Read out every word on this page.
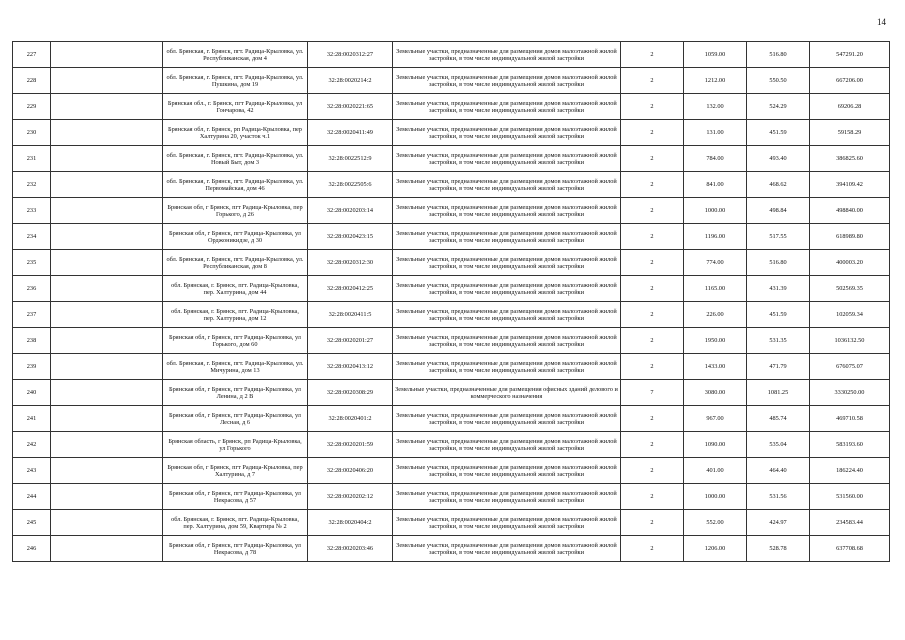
14
227		обл. Брянская, г. Брянск, пгт. Радица-Крыловка, ул. Республиканская, дом 4	32:28:0020312:27	Земельные участки, предназначенные для размещения домов малоэтажной жилой застройки, в том числе индивидуальной жилой застройки	2	1059.00	516.80	547291.20
228		обл. Брянская, г. Брянск, пгт. Радица-Крыловка, ул. Пушкина, дом 19	32:28:0020214:2	Земельные участки, предназначенные для размещения домов малоэтажной жилой застройки, в том числе индивидуальной жилой застройки	2	1212.00	550.50	667206.00
229		Брянская обл., г. Брянск, пгт Радица-Крыловка, ул Гончарова, 42	32:28:0020221:65	Земельные участки, предназначенные для размещения домов малоэтажной жилой застройки, в том числе индивидуальной жилой застройки	2	132.00	524.29	69206.28
230		Брянская обл, г. Брянск, рп Радица-Крыловка, пер Халтурина 20, участок ч.1	32:28:0020411:49	Земельные участки, предназначенные для размещения домов малоэтажной жилой застройки, в том числе индивидуальной жилой застройки	2	131.00	451.59	59158.29
231		обл. Брянская, г. Брянск, пгт. Радица-Крыловка, ул. Новый Быт, дом 3	32:28:0022512:9	Земельные участки, предназначенные для размещения домов малоэтажной жилой застройки, в том числе индивидуальной жилой застройки	2	784.00	493.40	386825.60
232		обл. Брянская, г. Брянск, пгт. Радица-Крыловка, ул. Первомайская, дом 46	32:28:0022505:6	Земельные участки, предназначенные для размещения домов малоэтажной жилой застройки, в том числе индивидуальной жилой застройки	2	841.00	468.62	394109.42
233		Брянская обл, г Брянск, пгт Радица-Крыловка, пер Горького, д 26	32:28:0020203:14	Земельные участки, предназначенные для размещения домов малоэтажной жилой застройки, в том числе индивидуальной жилой застройки	2	1000.00	498.84	498840.00
234		Брянская обл, г Брянск, пгт Радица-Крыловка, ул Орджоникидзе, д 30	32:28:0020423:15	Земельные участки, предназначенные для размещения домов малоэтажной жилой застройки, в том числе индивидуальной жилой застройки	2	1196.00	517.55	618989.80
235		обл. Брянская, г. Брянск, пгт. Радица-Крыловка, ул. Республиканская, дом 8	32:28:0020312:30	Земельные участки, предназначенные для размещения домов малоэтажной жилой застройки, в том числе индивидуальной жилой застройки	2	774.00	516.80	400003.20
236		обл. Брянская, г. Брянск, пгт. Радица-Крыловка, пер. Халтурина, дом 44	32:28:0020412:25	Земельные участки, предназначенные для размещения домов малоэтажной жилой застройки, в том числе индивидуальной жилой застройки	2	1165.00	431.39	502569.35
237		обл. Брянская, г. Брянск, пгт. Радица-Крыловка, пер. Халтурина, дом 12	32:28:0020411:5	Земельные участки, предназначенные для размещения домов малоэтажной жилой застройки, в том числе индивидуальной жилой застройки	2	226.00	451.59	102059.34
238		Брянская обл, г Брянск, пгт Радица-Крыловка, ул Горького, дом 60	32:28:0020201:27	Земельные участки, предназначенные для размещения домов малоэтажной жилой застройки, в том числе индивидуальной жилой застройки	2	1950.00	531.35	1036132.50
239		обл. Брянская, г. Брянск, пгт. Радица-Крыловка, ул. Мичурина, дом 13	32:28:0020413:12	Земельные участки, предназначенные для размещения домов малоэтажной жилой застройки, в том числе индивидуальной жилой застройки	2	1433.00	471.79	676075.07
240		Брянская обл, г Брянск, пгт Радица-Крыловка, ул Ленина, д 2 В	32:28:0020308:29	Земельные участки, предназначенные для размещения офисных зданий делового и коммерческого назначения	7	3080.00	1081.25	3330250.00
241		Брянская обл, г Брянск, пгт Радица-Крыловка, ул Лесная, д 6	32:28:0020401:2	Земельные участки, предназначенные для размещения домов малоэтажной жилой застройки, в том числе индивидуальной жилой застройки	2	967.00	485.74	469710.58
242		Брянская область, г Брянск, рп Радица-Крыловка, ул Горького	32:28:0020201:59	Земельные участки, предназначенные для размещения домов малоэтажной жилой застройки, в том числе индивидуальной жилой застройки	2	1090.00	535.04	583193.60
243		Брянская обл, г Брянск, пгт Радица-Крыловка, пер Халтурина, д 7	32:28:0020406:20	Земельные участки, предназначенные для размещения домов малоэтажной жилой застройки, в том числе индивидуальной жилой застройки	2	401.00	464.40	186224.40
244		Брянская обл, г Брянск, пгт Радица-Крыловка, ул Некрасова, д 57	32:28:0020202:12	Земельные участки, предназначенные для размещения домов малоэтажной жилой застройки, в том числе индивидуальной жилой застройки	2	1000.00	531.56	531560.00
245		обл. Брянская, г. Брянск, пгт. Радица-Крыловка, пер. Халтурина, дом 59, Квартира № 2	32:28:0020404:2	Земельные участки, предназначенные для размещения домов малоэтажной жилой застройки, в том числе индивидуальной жилой застройки	2	552.00	424.97	234583.44
246		Брянская обл, г Брянск, пгт Радица-Крыловка, ул Некрасова, д 78	32:28:0020203:46	Земельные участки, предназначенные для размещения домов малоэтажной жилой застройки, в том числе индивидуальной жилой застройки	2	1206.00	528.78	637708.68
